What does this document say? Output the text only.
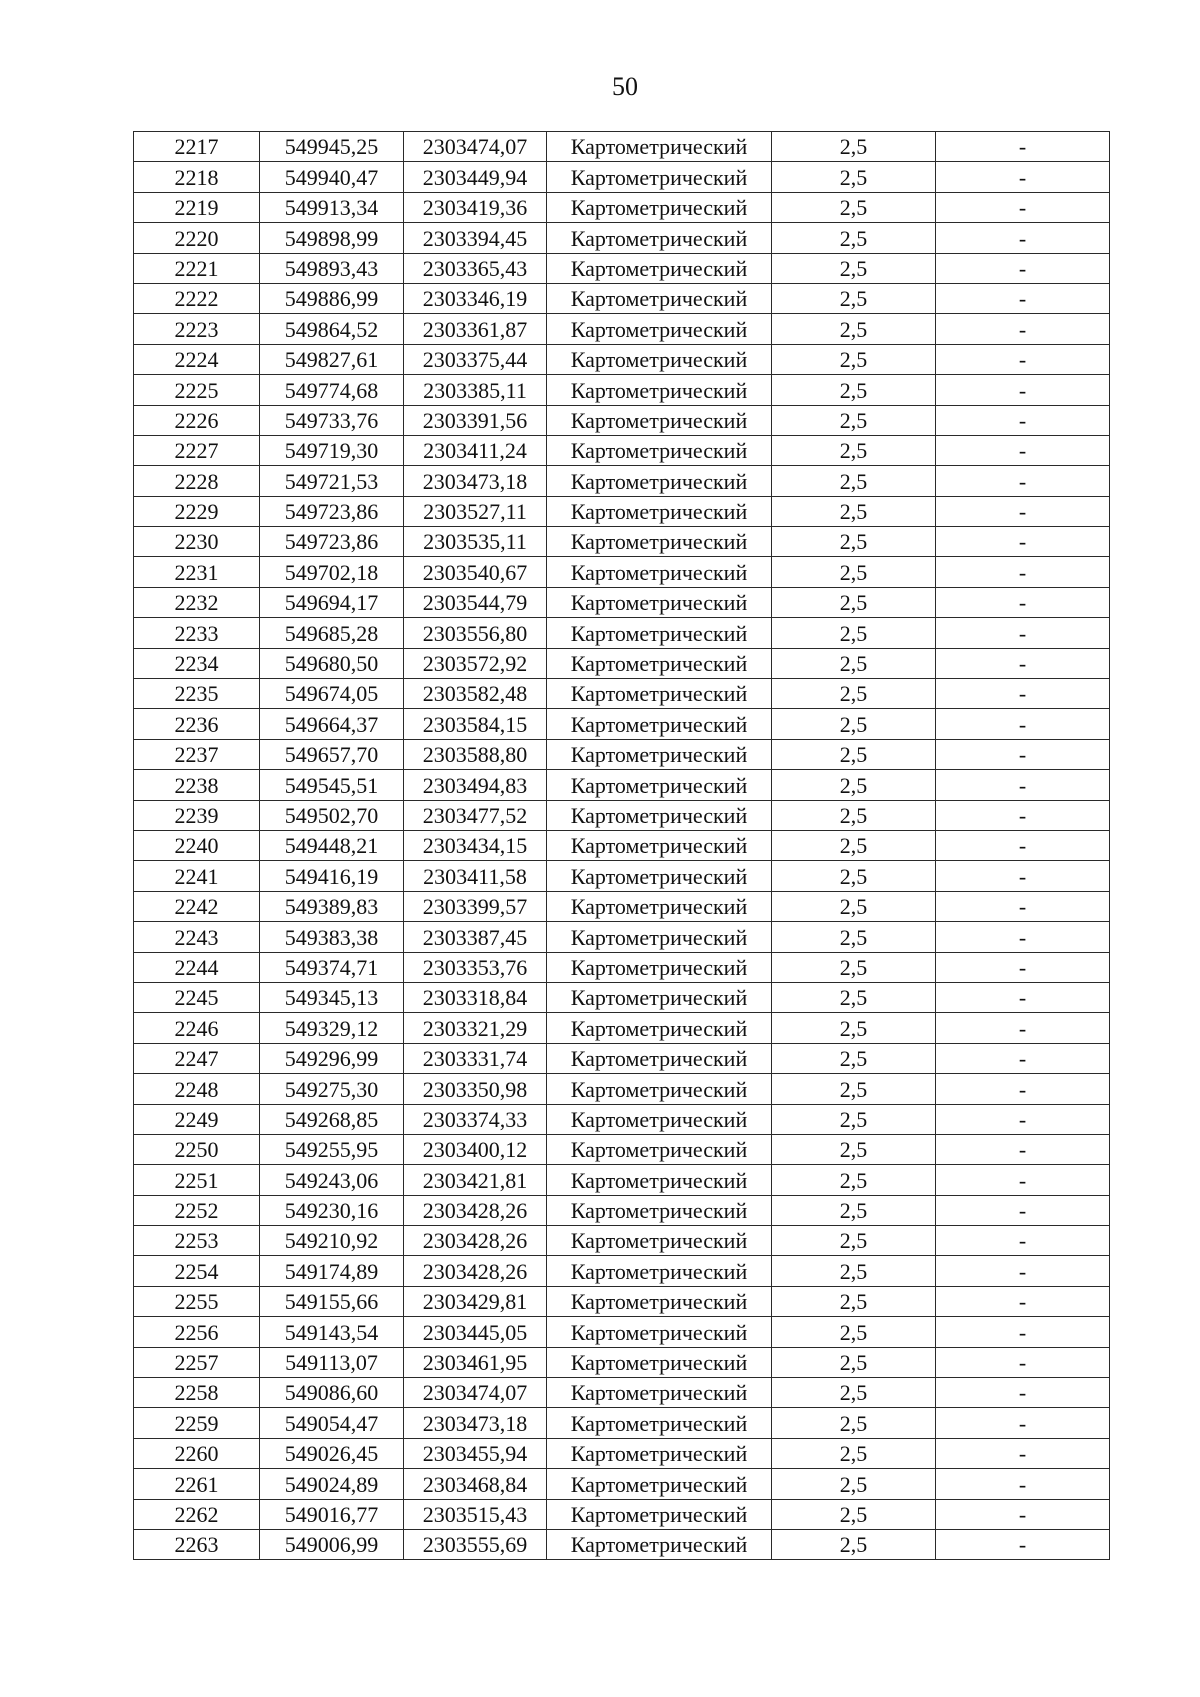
50
2217	549945,25	2303474,07	Картометрический	2,5	-
2218	549940,47	2303449,94	Картометрический	2,5	-
2219	549913,34	2303419,36	Картометрический	2,5	-
2220	549898,99	2303394,45	Картометрический	2,5	-
2221	549893,43	2303365,43	Картометрический	2,5	-
2222	549886,99	2303346,19	Картометрический	2,5	-
2223	549864,52	2303361,87	Картометрический	2,5	-
2224	549827,61	2303375,44	Картометрический	2,5	-
2225	549774,68	2303385,11	Картометрический	2,5	-
2226	549733,76	2303391,56	Картометрический	2,5	-
2227	549719,30	2303411,24	Картометрический	2,5	-
2228	549721,53	2303473,18	Картометрический	2,5	-
2229	549723,86	2303527,11	Картометрический	2,5	-
2230	549723,86	2303535,11	Картометрический	2,5	-
2231	549702,18	2303540,67	Картометрический	2,5	-
2232	549694,17	2303544,79	Картометрический	2,5	-
2233	549685,28	2303556,80	Картометрический	2,5	-
2234	549680,50	2303572,92	Картометрический	2,5	-
2235	549674,05	2303582,48	Картометрический	2,5	-
2236	549664,37	2303584,15	Картометрический	2,5	-
2237	549657,70	2303588,80	Картометрический	2,5	-
2238	549545,51	2303494,83	Картометрический	2,5	-
2239	549502,70	2303477,52	Картометрический	2,5	-
2240	549448,21	2303434,15	Картометрический	2,5	-
2241	549416,19	2303411,58	Картометрический	2,5	-
2242	549389,83	2303399,57	Картометрический	2,5	-
2243	549383,38	2303387,45	Картометрический	2,5	-
2244	549374,71	2303353,76	Картометрический	2,5	-
2245	549345,13	2303318,84	Картометрический	2,5	-
2246	549329,12	2303321,29	Картометрический	2,5	-
2247	549296,99	2303331,74	Картометрический	2,5	-
2248	549275,30	2303350,98	Картометрический	2,5	-
2249	549268,85	2303374,33	Картометрический	2,5	-
2250	549255,95	2303400,12	Картометрический	2,5	-
2251	549243,06	2303421,81	Картометрический	2,5	-
2252	549230,16	2303428,26	Картометрический	2,5	-
2253	549210,92	2303428,26	Картометрический	2,5	-
2254	549174,89	2303428,26	Картометрический	2,5	-
2255	549155,66	2303429,81	Картометрический	2,5	-
2256	549143,54	2303445,05	Картометрический	2,5	-
2257	549113,07	2303461,95	Картометрический	2,5	-
2258	549086,60	2303474,07	Картометрический	2,5	-
2259	549054,47	2303473,18	Картометрический	2,5	-
2260	549026,45	2303455,94	Картометрический	2,5	-
2261	549024,89	2303468,84	Картометрический	2,5	-
2262	549016,77	2303515,43	Картометрический	2,5	-
2263	549006,99	2303555,69	Картометрический	2,5	-
